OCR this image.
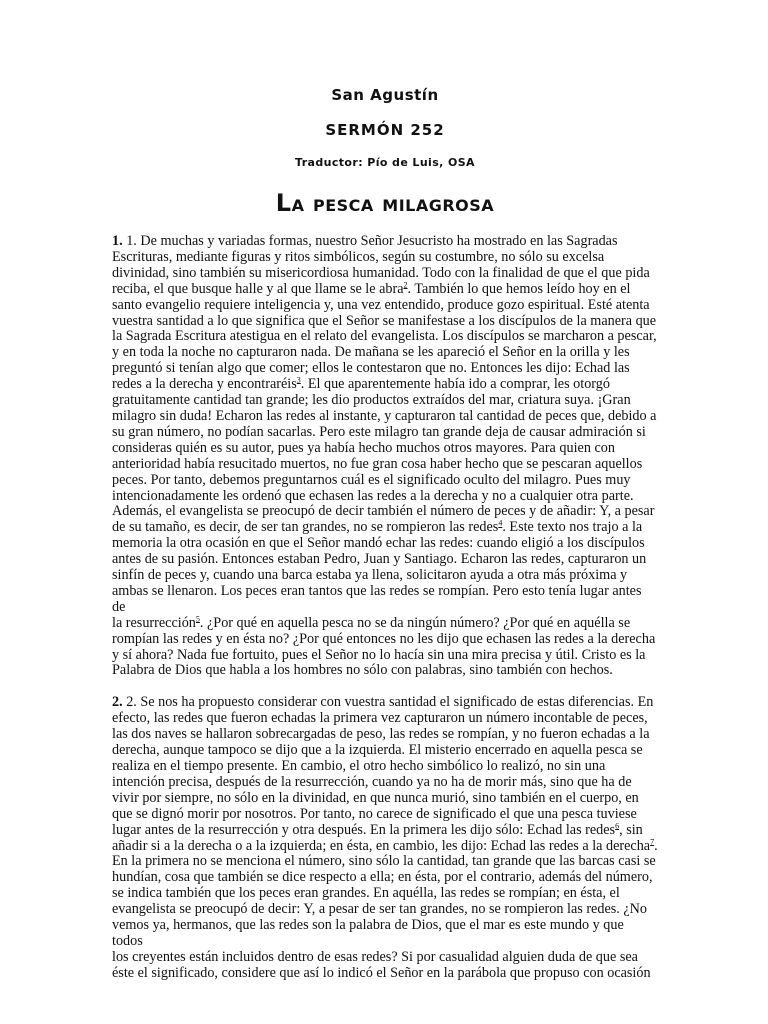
San Agustín
SERMÓN 252
Traductor: Pío de Luis, OSA
La pesca milagrosa

1. 1. De muchas y variadas formas, nuestro Señor Jesucristo ha mostrado en las Sagradas
Escrituras, mediante figuras y ritos simbólicos, según su costumbre, no sólo su excelsa
divinidad, sino también su misericordiosa humanidad. Todo con la finalidad de que el que pida
reciba, el que busque halle y al que llame se le abra$^2$. También lo que hemos leído hoy en el
santo evangelio requiere inteligencia y, una vez entendido, produce gozo espiritual. Esté atenta
vuestra santidad a lo que significa que el Señor se manifestase a los discípulos de la manera que
la Sagrada Escritura atestigua en el relato del evangelista. Los discípulos se marcharon a pescar,
y en toda la noche no capturaron nada. De mañana se les apareció el Señor en la orilla y les
preguntó si tenían algo que comer; ellos le contestaron que no. Entonces les dijo: Echad las
redes a la derecha y encontraréis$^3$. El que aparentemente había ido a comprar, les otorgó
gratuitamente cantidad tan grande; les dio productos extraídos del mar, criatura suya. ¡Gran
milagro sin duda! Echaron las redes al instante, y capturaron tal cantidad de peces que, debido a
su gran número, no podían sacarlas. Pero este milagro tan grande deja de causar admiración si
consideras quién es su autor, pues ya había hecho muchos otros mayores. Para quien con
anterioridad había resucitado muertos, no fue gran cosa haber hecho que se pescaran aquellos
peces. Por tanto, debemos preguntarnos cuál es el significado oculto del milagro. Pues muy
intencionadamente les ordenó que echasen las redes a la derecha y no a cualquier otra parte.
Además, el evangelista se preocupó de decir también el número de peces y de añadir: Y, a pesar
de su tamaño, es decir, de ser tan grandes, no se rompieron las redes$^4$. Este texto nos trajo a la
memoria la otra ocasión en que el Señor mandó echar las redes: cuando eligió a los discípulos
antes de su pasión. Entonces estaban Pedro, Juan y Santiago. Echaron las redes, capturaron un
sinfín de peces y, cuando una barca estaba ya llena, solicitaron ayuda a otra más próxima y
ambas se llenaron. Los peces eran tantos que las redes se rompían. Pero esto tenía lugar antes de
la resurrección$^5$. ¿Por qué en aquella pesca no se da ningún número? ¿Por qué en aquélla se
rompían las redes y en ésta no? ¿Por qué entonces no les dijo que echasen las redes a la derecha
y sí ahora? Nada fue fortuito, pues el Señor no lo hacía sin una mira precisa y útil. Cristo es la
Palabra de Dios que habla a los hombres no sólo con palabras, sino también con hechos.

2. 2. Se nos ha propuesto considerar con vuestra santidad el significado de estas diferencias. En
efecto, las redes que fueron echadas la primera vez capturaron un número incontable de peces,
las dos naves se hallaron sobrecargadas de peso, las redes se rompían, y no fueron echadas a la
derecha, aunque tampoco se dijo que a la izquierda. El misterio encerrado en aquella pesca se
realiza en el tiempo presente. En cambio, el otro hecho simbólico lo realizó, no sin una
intención precisa, después de la resurrección, cuando ya no ha de morir más, sino que ha de
vivir por siempre, no sólo en la divinidad, en que nunca murió, sino también en el cuerpo, en
que se dignó morir por nosotros. Por tanto, no carece de significado el que una pesca tuviese
lugar antes de la resurrección y otra después. En la primera les dijo sólo: Echad las redes$^6$, sin
añadir si a la derecha o a la izquierda; en ésta, en cambio, les dijo: Echad las redes a la derecha$^7$.
En la primera no se menciona el número, sino sólo la cantidad, tan grande que las barcas casi se
hundían, cosa que también se dice respecto a ella; en ésta, por el contrario, además del número,
se indica también que los peces eran grandes. En aquélla, las redes se rompían; en ésta, el
evangelista se preocupó de decir: Y, a pesar de ser tan grandes, no se rompieron las redes. ¿No
vemos ya, hermanos, que las redes son la palabra de Dios, que el mar es este mundo y que todos
los creyentes están incluidos dentro de esas redes? Si por casualidad alguien duda de que sea
éste el significado, considere que así lo indicó el Señor en la parábola que propuso con ocasión
